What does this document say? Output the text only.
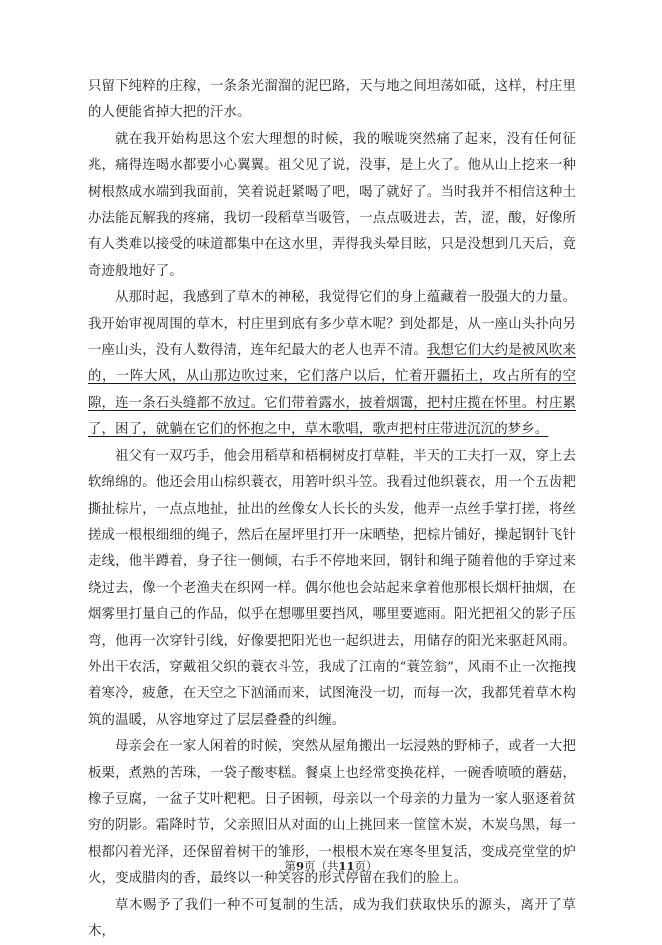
只留下纯粹的庄稼，一条条光溜溜的泥巴路，天与地之间坦荡如砥，这样，村庄里的人便能省掉大把的汗水。

就在我开始构思这个宏大理想的时候，我的喉咙突然痛了起来，没有任何征兆，痛得连喝水都要小心翼翼。祖父见了说，没事，是上火了。他从山上挖来一种树根熬成水端到我面前，笑着说赶紧喝了吧，喝了就好了。当时我并不相信这种土办法能瓦解我的疼痛，我切一段稻草当吸管，一点点吸进去，苦，涩，酸，好像所有人类难以接受的味道都集中在这水里，弄得我头晕目眩，只是没想到几天后，竟奇迹般地好了。

从那时起，我感到了草木的神秘，我觉得它们的身上蕴藏着一股强大的力量。我开始审视周围的草木，村庄里到底有多少草木呢？到处都是，从一座山头扑向另一座山头，没有人数得清，连年纪最大的老人也弄不清。我想它们大约是被风吹来的，一阵大风，从山那边吹过来，它们落户以后，忙着开疆拓土，攻占所有的空隙，连一条石头缝都不放过。它们带着露水，披着烟霭，把村庄揽在怀里。村庄累了，困了，就躺在它们的怀抱之中，草木歌唱，歌声把村庄带进沉沉的梦乡。

祖父有一双巧手，他会用稻草和梧桐树皮打草鞋，半天的工夫打一双，穿上去软绵绵的。他还会用山棕织蓑衣，用箬叶织斗笠。我看过他织蓑衣，用一个五齿耙撕扯棕片，一点点地扯，扯出的丝像女人长长的头发，他弄一点丝手掌打搓，将丝搓成一根根细细的绳子，然后在屋坪里打开一床晒垫，把棕片铺好，操起钢针飞针走线，他半蹲着，身子往一侧倾，右手不停地来回，钢针和绳子随着他的手穿过来绕过去，像一个老渔夫在织网一样。偶尔他也会站起来拿着他那根长烟杆抽烟，在烟雾里打量自己的作品，似乎在想哪里要挡风，哪里要遮雨。阳光把祖父的影子压弯，他再一次穿针引线，好像要把阳光也一起织进去，用储存的阳光来驱赶风雨。外出干农活，穿戴祖父织的蓑衣斗笠，我成了江南的“蓑笠翁”，风雨不止一次拖拽着寒冷，疲惫，在天空之下汹涌而来，试图淹没一切，而每一次，我都凭着草木构筑的温暖，从容地穿过了层层叠叠的纠缠。

母亲会在一家人闲着的时候，突然从屋角搬出一坛浸熟的野柿子，或者一大把板栗，煮熟的苦珠，一袋子酸枣糕。餐桌上也经常变换花样，一碗香喷喷的蘑菇，橡子豆腐，一盆子艾叶粑粑。日子困顿，母亲以一个母亲的力量为一家人驱逐着贫穷的阴影。霜降时节，父亲照旧从对面的山上挑回来一筐筐木炭，木炭乌黑，每一根都闪着光泽，还保留着树干的雏形，一根根木炭在寒冬里复活，变成亮堂堂的炉火，变成腊肉的香，最终以一种笑容的形式停留在我们的脸上。

草木赐予了我们一种不可复制的生活，成为我们获取快乐的源头，离开了草木，

第9页（共11页）
